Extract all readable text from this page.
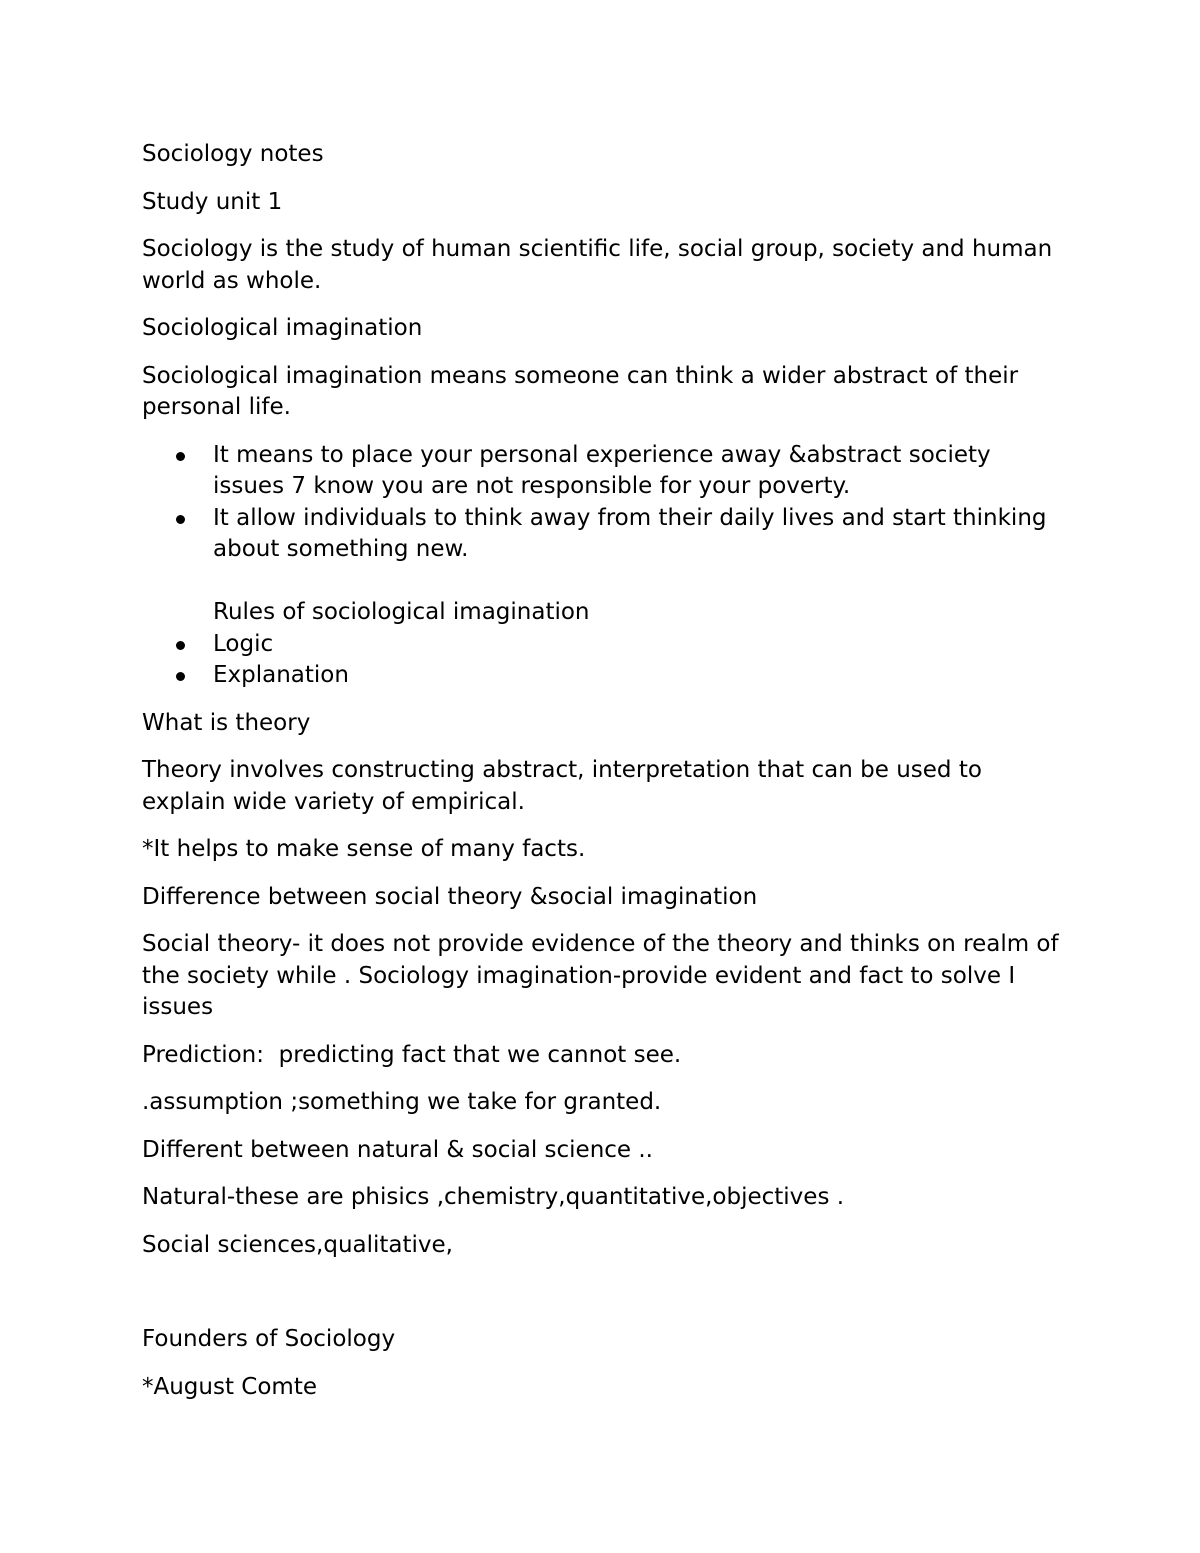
Sociology notes

Study unit 1

Sociology is the study of human scientific life, social group, society and human world as whole.

Sociological imagination

Sociological imagination means someone can think a wider abstract of their personal life.

It means to place your personal experience away &abstract society issues 7 know you are not responsible for your poverty.
It allow individuals to think away from their daily lives and start thinking about something new.

Rules of sociological imagination

Logic
Explanation

What is theory

Theory involves constructing abstract, interpretation that can be used to explain wide variety of empirical.

*It helps to make sense of many facts.

Difference between social theory &social imagination

Social theory- it does not provide evidence of the theory and thinks on realm of the society while . Sociology imagination-provide evident and fact to solve I issues

Prediction:  predicting fact that we cannot see.

.assumption ;something we take for granted.

Different between natural & social science ..

Natural-these are phisics ,chemistry,quantitative,objectives .

Social sciences,qualitative,

Founders of Sociology

*August Comte
